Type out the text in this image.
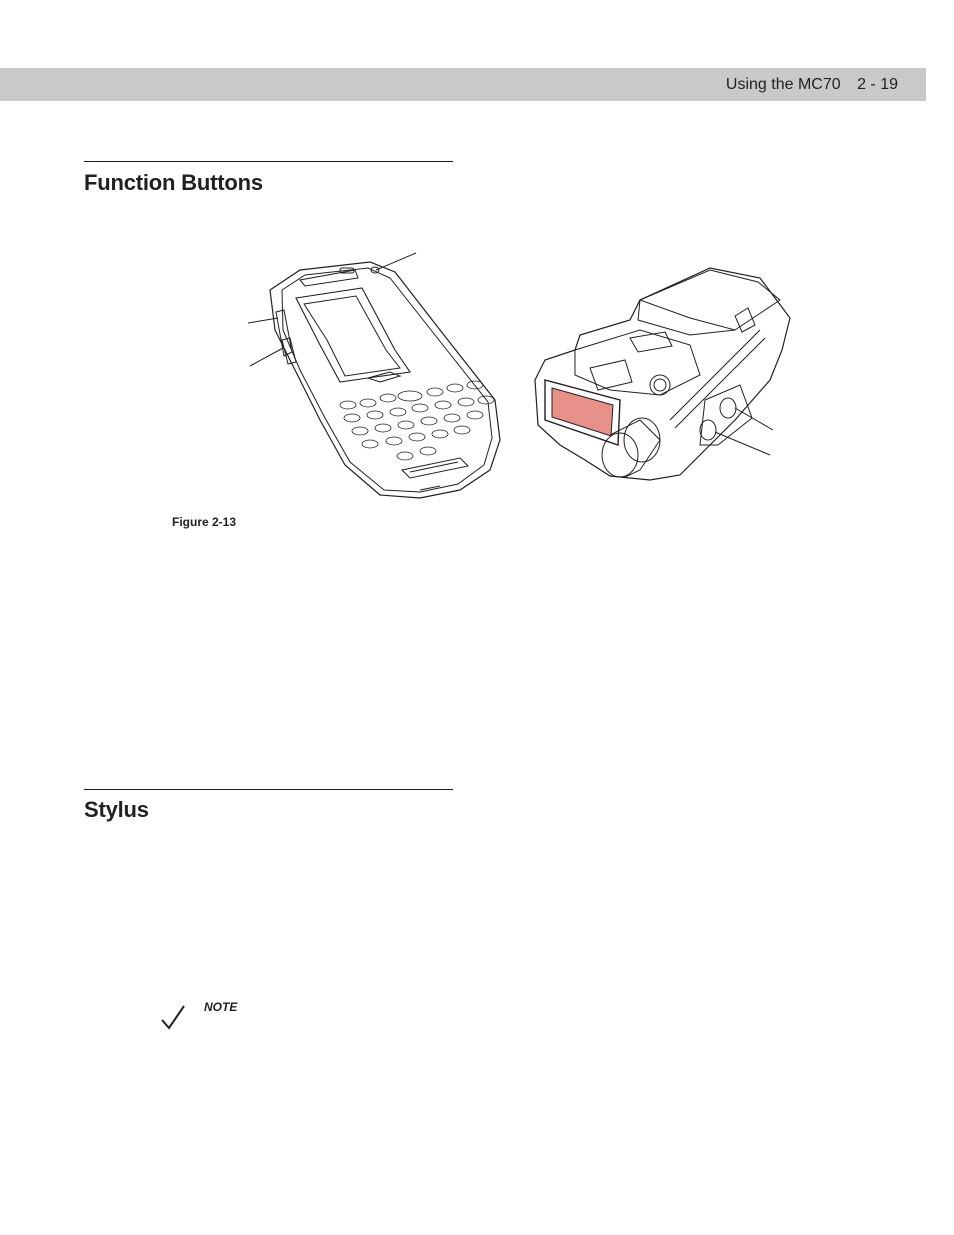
Using the MC70 2 - 19
Function Buttons
Figure 2-13
Stylus
NOTE
